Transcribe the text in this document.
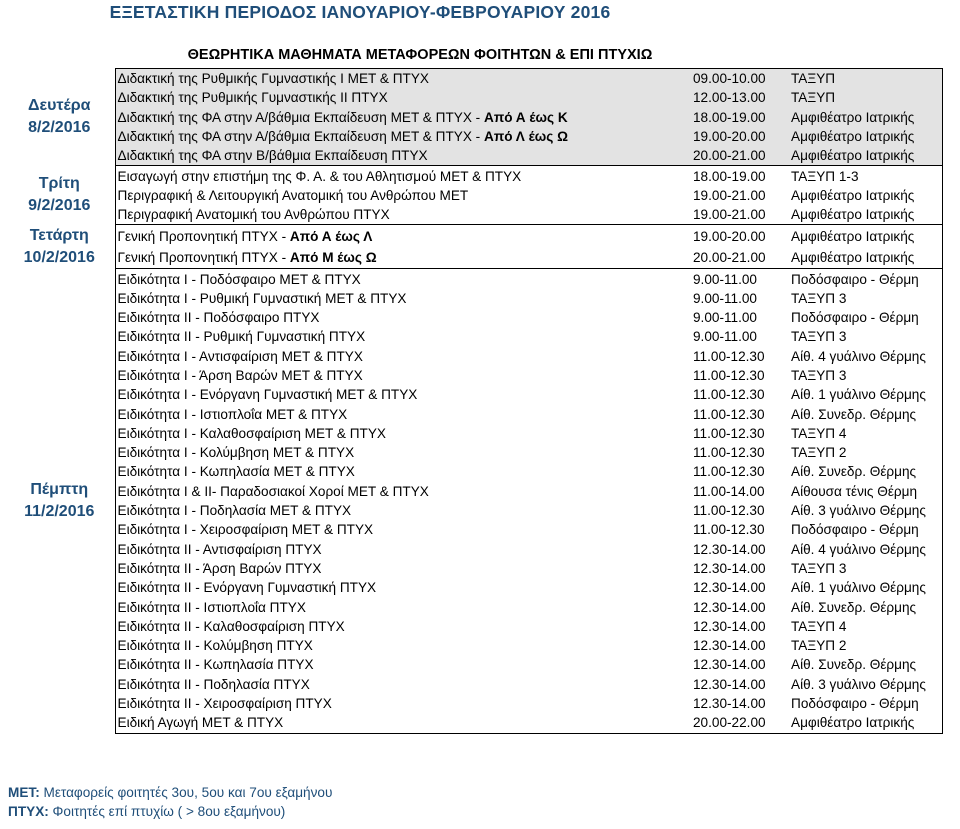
ΕΞΕΤΑΣΤΙΚΗ ΠΕΡΙΟΔΟΣ ΙΑΝΟΥΑΡΙΟΥ-ΦΕΒΡΟΥΑΡΙΟΥ 2016
ΘΕΩΡΗΤΙΚΑ ΜΑΘΗΜΑΤΑ ΜΕΤΑΦΟΡΕΩΝ ΦΟΙΤΗΤΩΝ & ΕΠΙ ΠΤΥΧΙΩ
Δευτέρα
8/2/2016	Διδακτική της Ρυθμικής Γυμναστικής Ι ΜΕΤ & ΠΤΥΧ	09.00-10.00	ΤΑΞΥΠ
	Διδακτική της Ρυθμικής Γυμναστικής ΙΙ ΠΤΥΧ	12.00-13.00	ΤΑΞΥΠ
	Διδακτική της ΦΑ στην Α/βάθμια Εκπαίδευση ΜΕΤ & ΠΤΥΧ - Από Α έως Κ	18.00-19.00	Αμφιθέατρο Ιατρικής
	Διδακτική της ΦΑ στην Α/βάθμια Εκπαίδευση ΜΕΤ & ΠΤΥΧ - Από Λ έως Ω	19.00-20.00	Αμφιθέατρο Ιατρικής
	Διδακτική της ΦΑ στην Β/βάθμια Εκπαίδευση ΠΤΥΧ	20.00-21.00	Αμφιθέατρο Ιατρικής

Τρίτη
9/2/2016	Εισαγωγή στην επιστήμη της Φ. Α. & του Αθλητισμού ΜΕΤ & ΠΤΥΧ	18.00-19.00	ΤΑΞΥΠ 1-3
	Περιγραφική & Λειτουργική Ανατομική του Ανθρώπου ΜΕΤ	19.00-21.00	Αμφιθέατρο Ιατρικής
	Περιγραφική Ανατομική του Ανθρώπου ΠΤΥΧ	19.00-21.00	Αμφιθέατρο Ιατρικής

Τετάρτη
10/2/2016	Γενική Προπονητική ΠΤΥΧ - Από Α έως Λ	19.00-20.00	Αμφιθέατρο Ιατρικής
	Γενική Προπονητική ΠΤΥΧ - Από Μ έως Ω	20.00-21.00	Αμφιθέατρο Ιατρικής

Πέμπτη
11/2/2016	Ειδικότητα Ι - Ποδόσφαιρο ΜΕΤ & ΠΤΥΧ	9.00-11.00	Ποδόσφαιρο - Θέρμη
	Ειδικότητα Ι - Ρυθμική Γυμναστική ΜΕΤ & ΠΤΥΧ	9.00-11.00	ΤΑΞΥΠ 3
	Ειδικότητα ΙΙ - Ποδόσφαιρο ΠΤΥΧ	9.00-11.00	Ποδόσφαιρο - Θέρμη
	Ειδικότητα ΙΙ - Ρυθμική Γυμναστική ΠΤΥΧ	9.00-11.00	ΤΑΞΥΠ 3
	Ειδικότητα Ι - Αντισφαίριση ΜΕΤ & ΠΤΥΧ	11.00-12.30	Αίθ. 4 γυάλινο Θέρμης
	Ειδικότητα Ι - Άρση Βαρών ΜΕΤ & ΠΤΥΧ	11.00-12.30	ΤΑΞΥΠ 3
	Ειδικότητα Ι - Ενόργανη Γυμναστική ΜΕΤ & ΠΤΥΧ	11.00-12.30	Αίθ. 1 γυάλινο Θέρμης
	Ειδικότητα Ι - Ιστιοπλοΐα ΜΕΤ & ΠΤΥΧ	11.00-12.30	Αίθ. Συνεδρ. Θέρμης
	Ειδικότητα Ι - Καλαθοσφαίριση ΜΕΤ & ΠΤΥΧ	11.00-12.30	ΤΑΞΥΠ 4
	Ειδικότητα Ι - Κολύμβηση ΜΕΤ & ΠΤΥΧ	11.00-12.30	ΤΑΞΥΠ 2
	Ειδικότητα Ι - Κωπηλασία ΜΕΤ & ΠΤΥΧ	11.00-12.30	Αίθ. Συνεδρ. Θέρμης
	Ειδικότητα Ι & ΙΙ- Παραδοσιακοί Χοροί ΜΕΤ & ΠΤΥΧ	11.00-14.00	Αίθουσα τένις Θέρμη
	Ειδικότητα Ι - Ποδηλασία ΜΕΤ & ΠΤΥΧ	11.00-12.30	Αίθ. 3 γυάλινο Θέρμης
	Ειδικότητα Ι - Χειροσφαίριση ΜΕΤ & ΠΤΥΧ	11.00-12.30	Ποδόσφαιρο - Θέρμη
	Ειδικότητα ΙΙ - Αντισφαίριση ΠΤΥΧ	12.30-14.00	Αίθ. 4 γυάλινο Θέρμης
	Ειδικότητα ΙΙ - Άρση Βαρών ΠΤΥΧ	12.30-14.00	ΤΑΞΥΠ 3
	Ειδικότητα ΙΙ - Ενόργανη Γυμναστική ΠΤΥΧ	12.30-14.00	Αίθ. 1 γυάλινο Θέρμης
	Ειδικότητα ΙΙ - Ιστιοπλοΐα ΠΤΥΧ	12.30-14.00	Αίθ. Συνεδρ. Θέρμης
	Ειδικότητα ΙΙ - Καλαθοσφαίριση ΠΤΥΧ	12.30-14.00	ΤΑΞΥΠ 4
	Ειδικότητα ΙΙ - Κολύμβηση ΠΤΥΧ	12.30-14.00	ΤΑΞΥΠ 2
	Ειδικότητα ΙΙ - Κωπηλασία ΠΤΥΧ	12.30-14.00	Αίθ. Συνεδρ. Θέρμης
	Ειδικότητα ΙΙ - Ποδηλασία ΠΤΥΧ	12.30-14.00	Αίθ. 3 γυάλινο Θέρμης
	Ειδικότητα ΙΙ - Χειροσφαίριση ΠΤΥΧ	12.30-14.00	Ποδόσφαιρο - Θέρμη
	Ειδική Αγωγή ΜΕΤ & ΠΤΥΧ	20.00-22.00	Αμφιθέατρο Ιατρικής
ΜΕΤ: Μεταφορείς φοιτητές 3ου, 5ου και 7ου εξαμήνου
ΠΤΥΧ: Φοιτητές επί πτυχίω ( > 8ου εξαμήνου)
